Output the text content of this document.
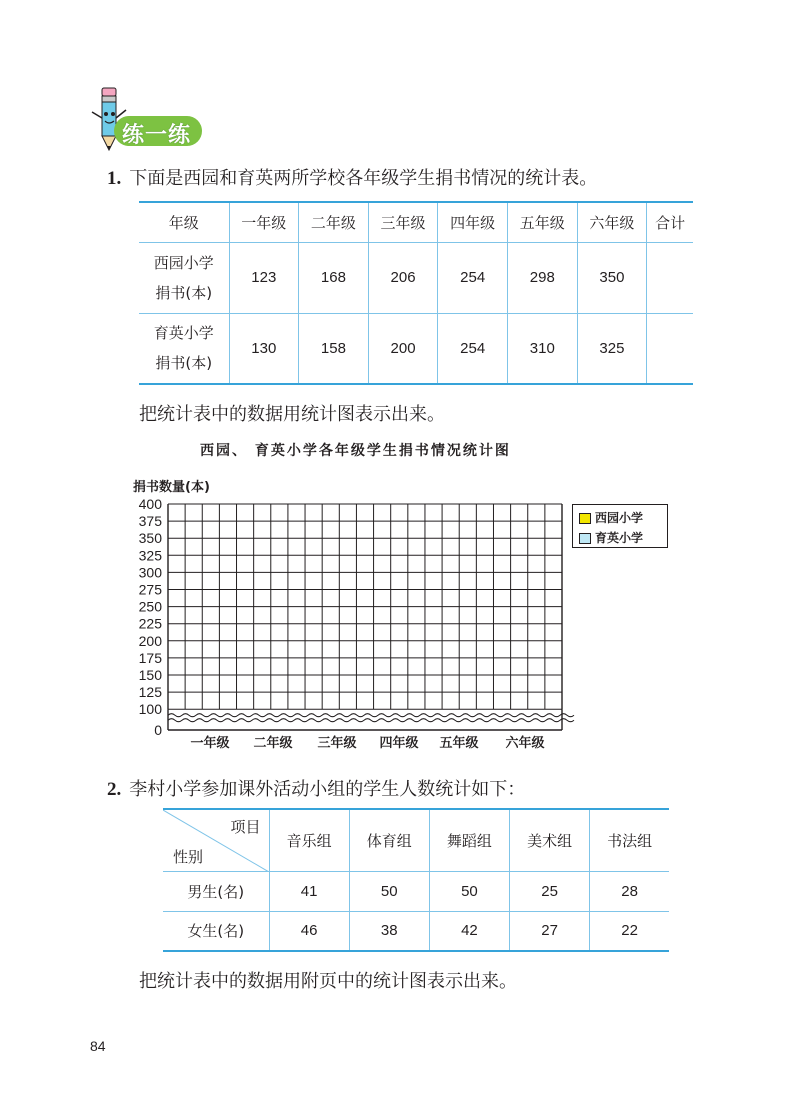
练一练
1. 下面是西园和育英两所学校各年级学生捐书情况的统计表。
年级	一年级	二年级	三年级	四年级	五年级	六年级	合计
西园小学
捐书(本)	123	168	206	254	298	350	
育英小学
捐书(本)	130	158	200	254	310	325	
把统计表中的数据用统计图表示出来。
西园、 育英小学各年级学生捐书情况统计图
捐书数量(本)
400
375
350
325
300
275
250
225
200
175
150
125
100
0
一年级 二年级 三年级 四年级 五年级 六年级
西园小学
育英小学
2. 李村小学参加课外活动小组的学生人数统计如下：
项目
性别	音乐组	体育组	舞蹈组	美术组	书法组
男生(名)	41	50	50	25	28
女生(名)	46	38	42	27	22
把统计表中的数据用附页中的统计图表示出来。
84
